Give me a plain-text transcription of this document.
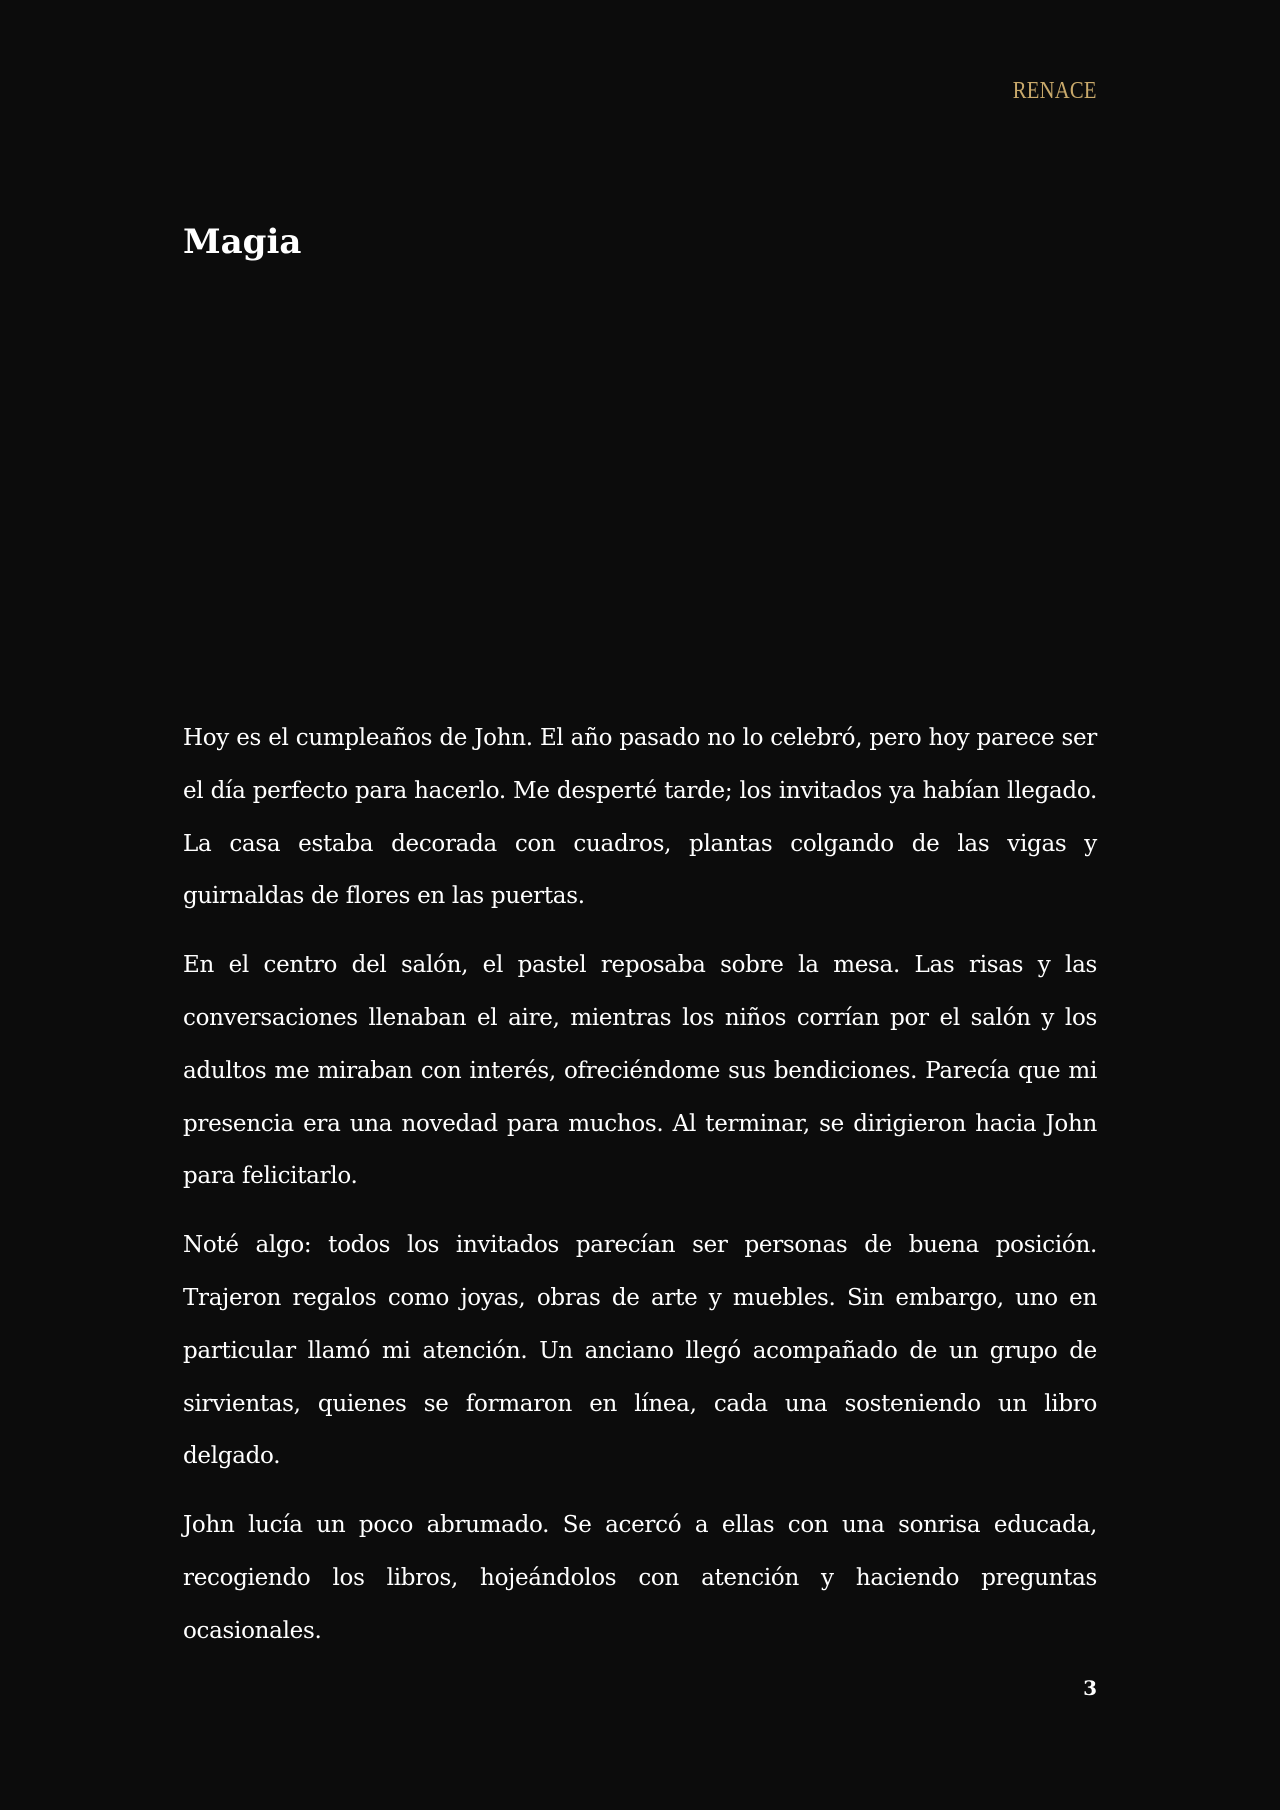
RENACE
Magia

Hoy es el cumpleaños de John. El año pasado no lo celebró, pero hoy parece ser el día perfecto para hacerlo. Me desperté tarde; los invitados ya habían llegado. La casa estaba decorada con cuadros, plantas colgando de las vigas y guirnaldas de flores en las puertas.

En el centro del salón, el pastel reposaba sobre la mesa. Las risas y las conversaciones llenaban el aire, mientras los niños corrían por el salón y los adultos me miraban con interés, ofreciéndome sus bendiciones. Parecía que mi presencia era una novedad para muchos. Al terminar, se dirigieron hacia John para felicitarlo.

Noté algo: todos los invitados parecían ser personas de buena posición. Trajeron regalos como joyas, obras de arte y muebles. Sin embargo, uno en particular llamó mi atención. Un anciano llegó acompañado de un grupo de sirvientas, quienes se formaron en línea, cada una sosteniendo un libro delgado.

John lucía un poco abrumado. Se acercó a ellas con una sonrisa educada, recogiendo los libros, hojeándolos con atención y haciendo preguntas ocasionales.

3
